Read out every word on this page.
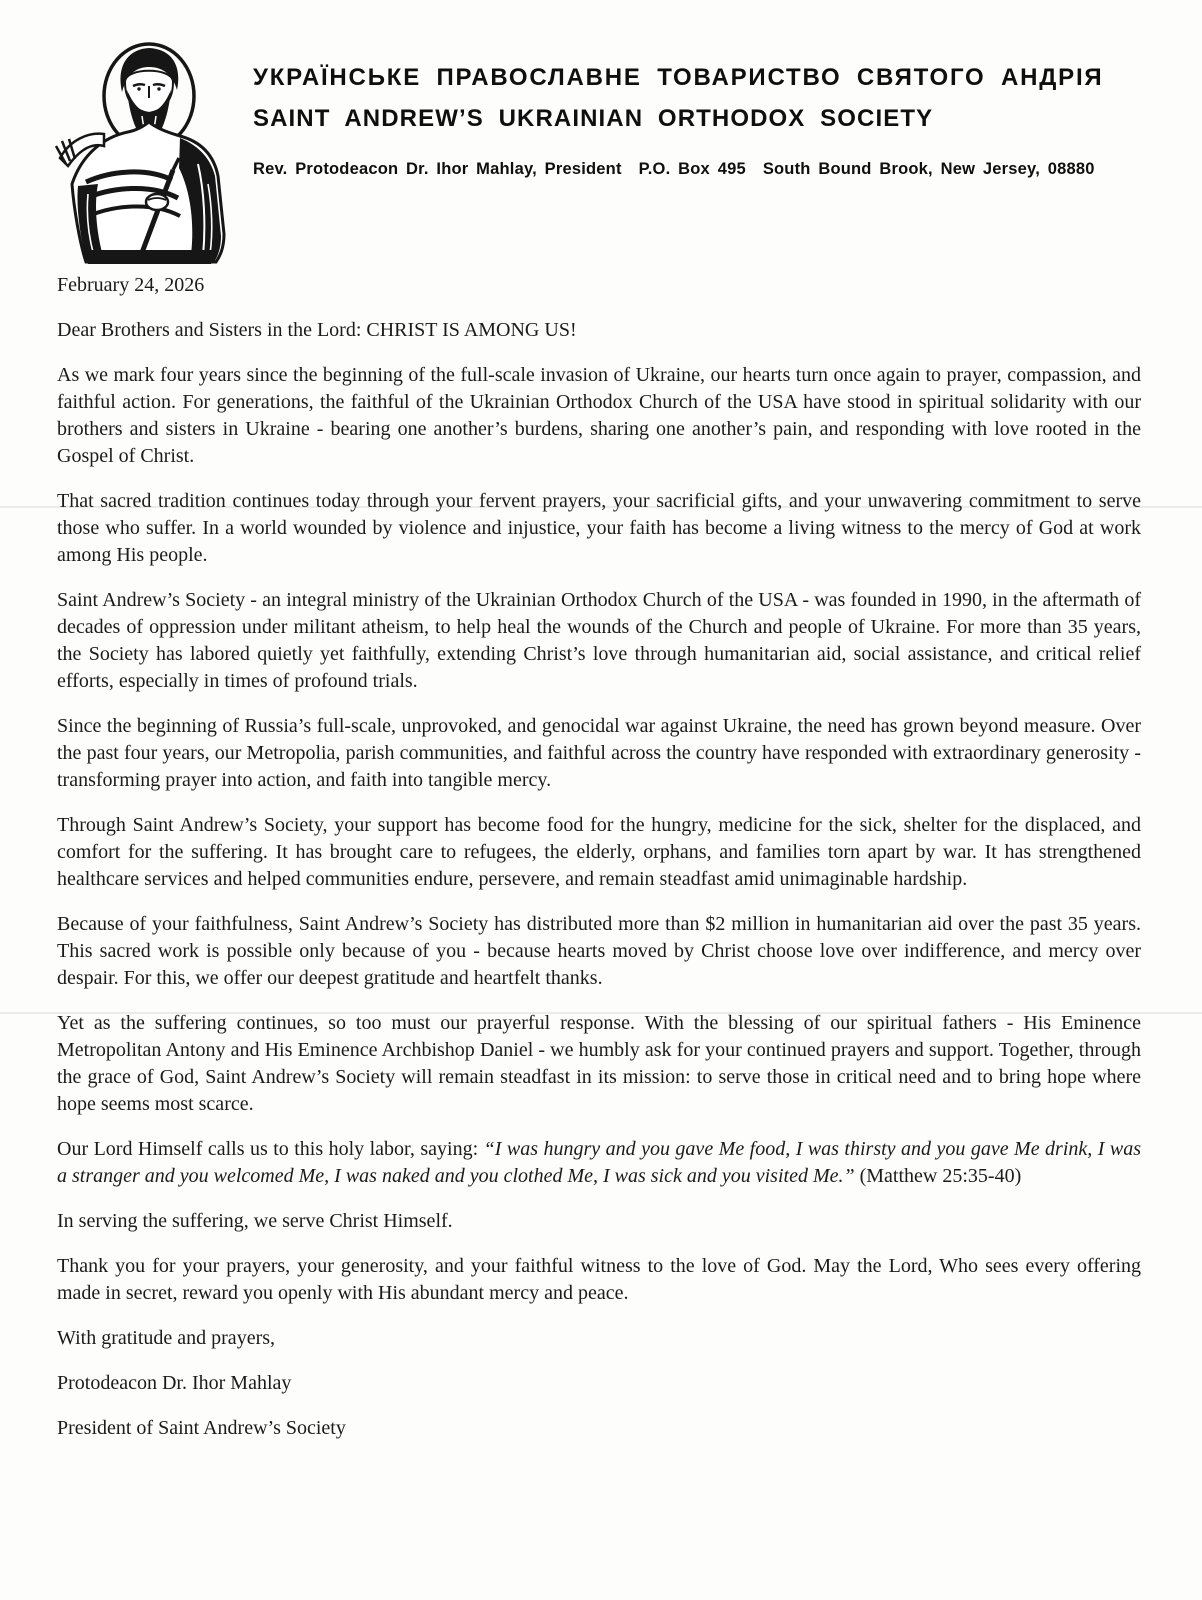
УКРАЇНСЬКЕ ПРАВОСЛАВНЕ ТОВАРИСТВО СВЯТОГО АНДРІЯ
SAINT ANDREW’S UKRAINIAN ORTHODOX SOCIETY
Rev. Protodeacon Dr. Ihor Mahlay, President P.O. Box 495 South Bound Brook, New Jersey, 08880

February 24, 2026

Dear Brothers and Sisters in the Lord: CHRIST IS AMONG US!

As we mark four years since the beginning of the full-scale invasion of Ukraine, our hearts turn once again to prayer, compassion, and faithful action. For generations, the faithful of the Ukrainian Orthodox Church of the USA have stood in spiritual solidarity with our brothers and sisters in Ukraine - bearing one another’s burdens, sharing one another’s pain, and responding with love rooted in the Gospel of Christ.

That sacred tradition continues today through your fervent prayers, your sacrificial gifts, and your unwavering commitment to serve those who suffer. In a world wounded by violence and injustice, your faith has become a living witness to the mercy of God at work among His people.

Saint Andrew’s Society - an integral ministry of the Ukrainian Orthodox Church of the USA - was founded in 1990, in the aftermath of decades of oppression under militant atheism, to help heal the wounds of the Church and people of Ukraine. For more than 35 years, the Society has labored quietly yet faithfully, extending Christ’s love through humanitarian aid, social assistance, and critical relief efforts, especially in times of profound trials.

Since the beginning of Russia’s full-scale, unprovoked, and genocidal war against Ukraine, the need has grown beyond measure. Over the past four years, our Metropolia, parish communities, and faithful across the country have responded with extraordinary generosity - transforming prayer into action, and faith into tangible mercy.

Through Saint Andrew’s Society, your support has become food for the hungry, medicine for the sick, shelter for the displaced, and comfort for the suffering. It has brought care to refugees, the elderly, orphans, and families torn apart by war. It has strengthened healthcare services and helped communities endure, persevere, and remain steadfast amid unimaginable hardship.

Because of your faithfulness, Saint Andrew’s Society has distributed more than $2 million in humanitarian aid over the past 35 years. This sacred work is possible only because of you - because hearts moved by Christ choose love over indifference, and mercy over despair. For this, we offer our deepest gratitude and heartfelt thanks.

Yet as the suffering continues, so too must our prayerful response. With the blessing of our spiritual fathers - His Eminence Metropolitan Antony and His Eminence Archbishop Daniel - we humbly ask for your continued prayers and support. Together, through the grace of God, Saint Andrew’s Society will remain steadfast in its mission: to serve those in critical need and to bring hope where hope seems most scarce.

Our Lord Himself calls us to this holy labor, saying: “I was hungry and you gave Me food, I was thirsty and you gave Me drink, I was a stranger and you welcomed Me, I was naked and you clothed Me, I was sick and you visited Me.” (Matthew 25:35-40)

In serving the suffering, we serve Christ Himself.

Thank you for your prayers, your generosity, and your faithful witness to the love of God. May the Lord, Who sees every offering made in secret, reward you openly with His abundant mercy and peace.

With gratitude and prayers,

Protodeacon Dr. Ihor Mahlay

President of Saint Andrew’s Society
